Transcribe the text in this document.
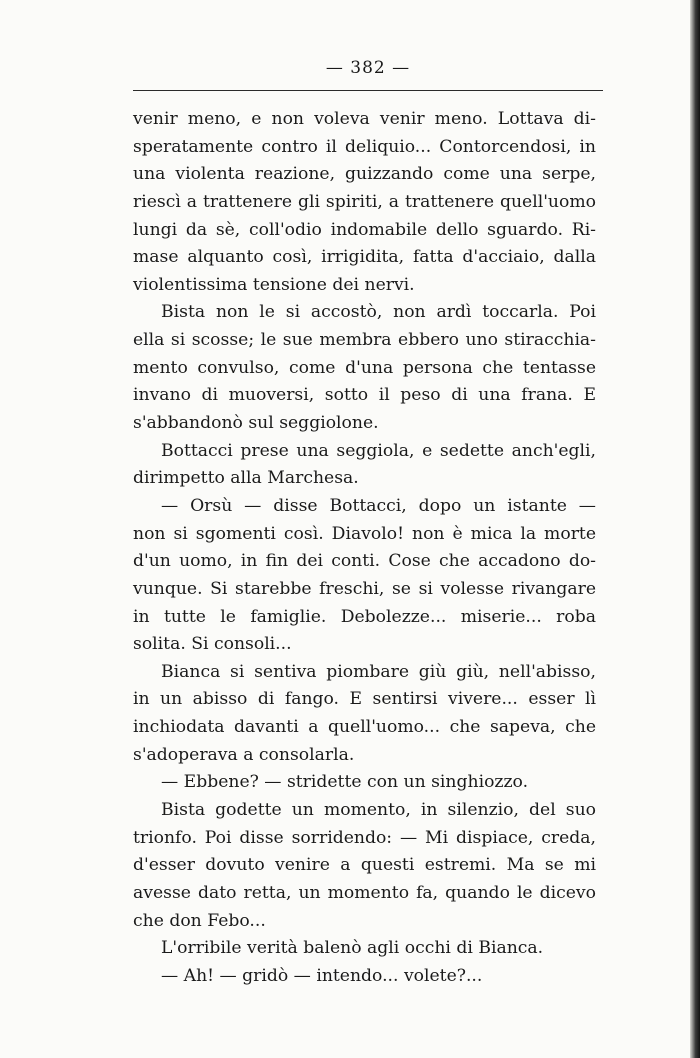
— 382 —
venir meno, e non voleva venir meno. Lottava di-
speratamente contro il deliquio... Contorcendosi, in
una violenta reazione, guizzando come una serpe,
riescì a trattenere gli spiriti, a trattenere quell'uomo
lungi da sè, coll'odio indomabile dello sguardo. Ri-
mase alquanto così, irrigidita, fatta d'acciaio, dalla
violentissima tensione dei nervi.
Bista non le si accostò, non ardì toccarla. Poi
ella si scosse; le sue membra ebbero uno stiracchia-
mento convulso, come d'una persona che tentasse
invano di muoversi, sotto il peso di una frana. E
s'abbandonò sul seggiolone.
Bottacci prese una seggiola, e sedette anch'egli,
dirimpetto alla Marchesa.
— Orsù — disse Bottacci, dopo un istante —
non si sgomenti così. Diavolo! non è mica la morte
d'un uomo, in fin dei conti. Cose che accadono do-
vunque. Si starebbe freschi, se si volesse rivangare
in tutte le famiglie. Debolezze... miserie... roba
solita. Si consoli...
Bianca si sentiva piombare giù giù, nell'abisso,
in un abisso di fango. E sentirsi vivere... esser lì
inchiodata davanti a quell'uomo... che sapeva, che
s'adoperava a consolarla.
— Ebbene? — stridette con un singhiozzo.
Bista godette un momento, in silenzio, del suo
trionfo. Poi disse sorridendo: — Mi dispiace, creda,
d'esser dovuto venire a questi estremi. Ma se mi
avesse dato retta, un momento fa, quando le dicevo
che don Febo...
L'orribile verità balenò agli occhi di Bianca.
— Ah! — gridò — intendo... volete?...
